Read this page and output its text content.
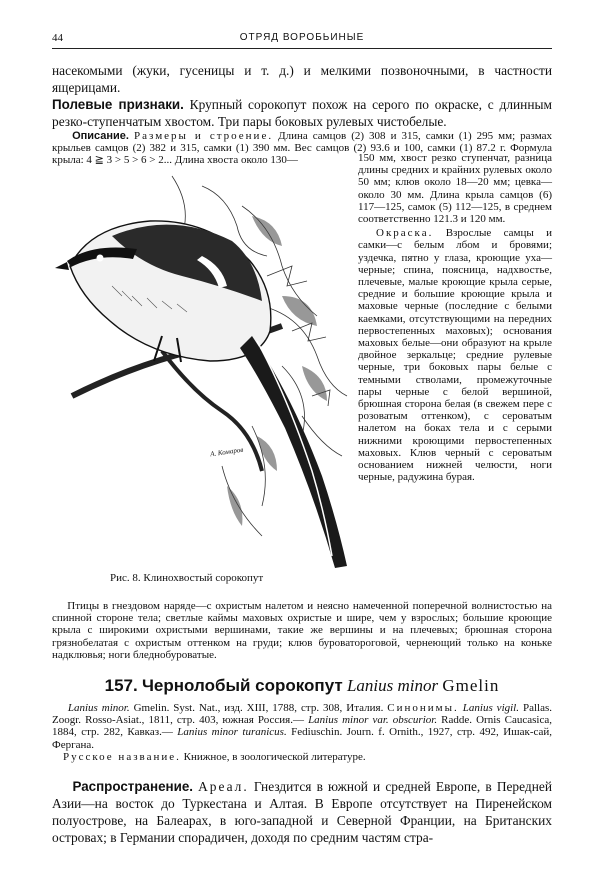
44	ОТРЯД ВОРОБЬИНЫЕ
насекомыми (жуки, гусеницы и т. д.) и мелкими позвоночными, в частности ящерицами.
Полевые признаки. Крупный сорокопут похож на серого по окраске, с длинным резко-ступенчатым хвостом. Три пары боковых рулевых чистобелые.
Описание. Размеры и строение. Длина самцов (2) 308 и 315, самки (1) 295 мм; размах крыльев самцов (2) 382 и 315, самки (1) 390 мм. Вес самцов (2) 93.6 и 100, самки (1) 87.2 г. Формула крыла: 4 ≧ 3 > 5 > 6 > 2... Длина хвоста около 130—
А. Комаров
Рис. 8. Клинохвостый сорокопут

150 мм, хвост резко ступенчат, разница длины средних и крайних рулевых около 50 мм; клюв около 18—20 мм; цевка—около 30 мм. Длина крыла самцов (6) 117—125, самок (5) 112—125, в среднем соответственно 121.3 и 120 мм.

Окраска. Взрослые самцы и самки—с белым лбом и бровями; уздечка, пятно у глаза, кроющие уха—черные; спина, поясница, надхвостье, плечевые, малые кроющие крыла серые, средние и большие кроющие крыла и маховые черные (последние с белыми каемками, отсутствующими на передних первостепенных маховых); основания маховых белые—они образуют на крыле двойное зеркальце; средние рулевые черные, три боковых пары белые с темными стволами, промежуточные пары черные с белой вершиной, брюшная сторона белая (в свежем пере с розоватым оттенком), с сероватым налетом на боках тела и с серыми нижними кроющими первостепенных маховых. Клюв черный с сероватым основанием нижней челюсти, ноги черные, радужина бурая.

Птицы в гнездовом наряде—с охристым налетом и неясно намеченной поперечной волнистостью на спинной стороне тела; светлые каймы маховых охристые и шире, чем у взрослых; большие кроющие крыла с широкими охристыми вершинами, такие же вершины и на плечевых; брюшная сторона грязнобелатая с охристым оттенком на груди; клюв буроватороговой, чернеющий только на коньке надклювья; ноги бледнобуроватые.
157. Чернолобый сорокопут Lanius minor Gmelin
Lanius minor. Gmelin. Syst. Nat., изд. XIII, 1788, стр. 308, Италия. Синонимы. Lanius vigil. Pallas. Zoogr. Rosso-Asiat., 1811, стр. 403, южная Россия.— Lanius minor var. obscurior. Radde. Ornis Caucasica, 1884, стр. 282, Кавказ.— Lanius minor turanicus. Fediuschin. Journ. f. Ornith., 1927, стр. 492, Ишак-сай, Фергана.
Русское название. Книжное, в зоологической литературе.
Распространение. Ареал. Гнездится в южной и средней Европе, в Передней Азии—на восток до Туркестана и Алтая. В Европе отсутствует на Пиренейском полуострове, на Балеарах, в юго-западной и Северной Франции, на Британских островах; в Германии спорадичен, доходя по средним частям стра-
